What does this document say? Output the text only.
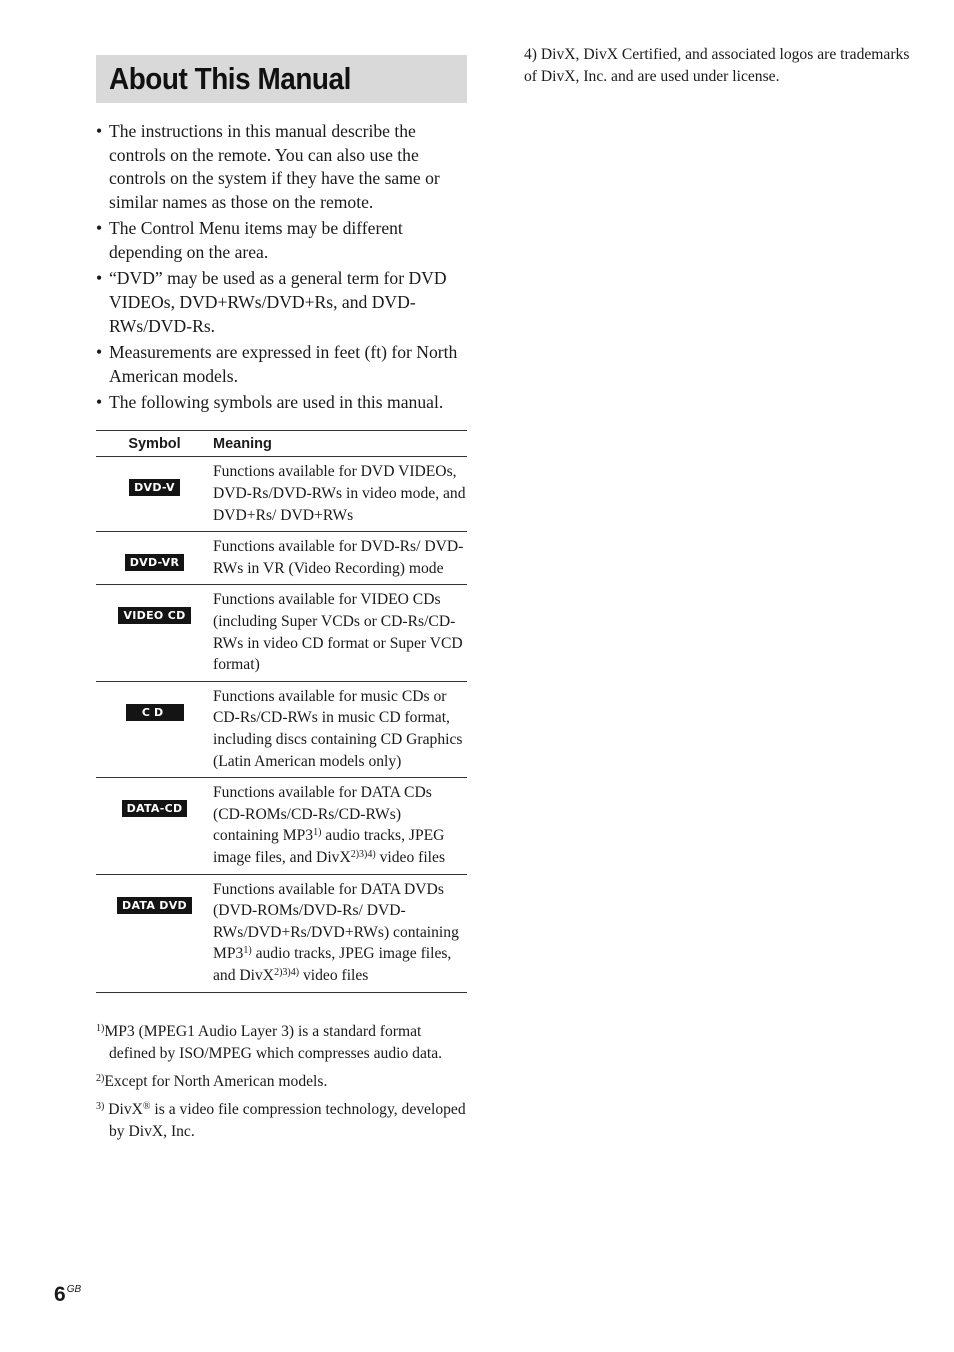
About This Manual
• The instructions in this manual describe the controls on the remote. You can also use the controls on the system if they have the same or similar names as those on the remote.
• The Control Menu items may be different depending on the area.
• “DVD” may be used as a general term for DVD VIDEOs, DVD+RWs/DVD+Rs, and DVD-RWs/DVD-Rs.
• Measurements are expressed in feet (ft) for North American models.
• The following symbols are used in this manual.
Symbol	Meaning
DVD-V	Functions available for DVD VIDEOs, DVD-Rs/DVD-RWs in video mode, and DVD+Rs/ DVD+RWs
DVD-VR	Functions available for DVD-Rs/ DVD-RWs in VR (Video Recording) mode
VIDEO CD	Functions available for VIDEO CDs (including Super VCDs or CD-Rs/CD-RWs in video CD format or Super VCD format)
CD	Functions available for music CDs or CD-Rs/CD-RWs in music CD format, including discs containing CD Graphics (Latin American models only)
DATA-CD	Functions available for DATA CDs (CD-ROMs/CD-Rs/CD-RWs) containing MP3$^{1)}$ audio tracks, JPEG image files, and DivX$^{2)3)4)}$ video files
DATA DVD	Functions available for DATA DVDs (DVD-ROMs/DVD-Rs/ DVD-RWs/DVD+Rs/DVD+RWs) containing MP3$^{1)}$ audio tracks, JPEG image files, and DivX$^{2)3)4)}$ video files
$^{1)}$MP3 (MPEG1 Audio Layer 3) is a standard format defined by ISO/MPEG which compresses audio data.
$^{2)}$Except for North American models.
$^{3)}$ DivX® is a video file compression technology, developed by DivX, Inc.
4) DivX, DivX Certified, and associated logos are trademarks of DivX, Inc. and are used under license.
$6^{GB}$
